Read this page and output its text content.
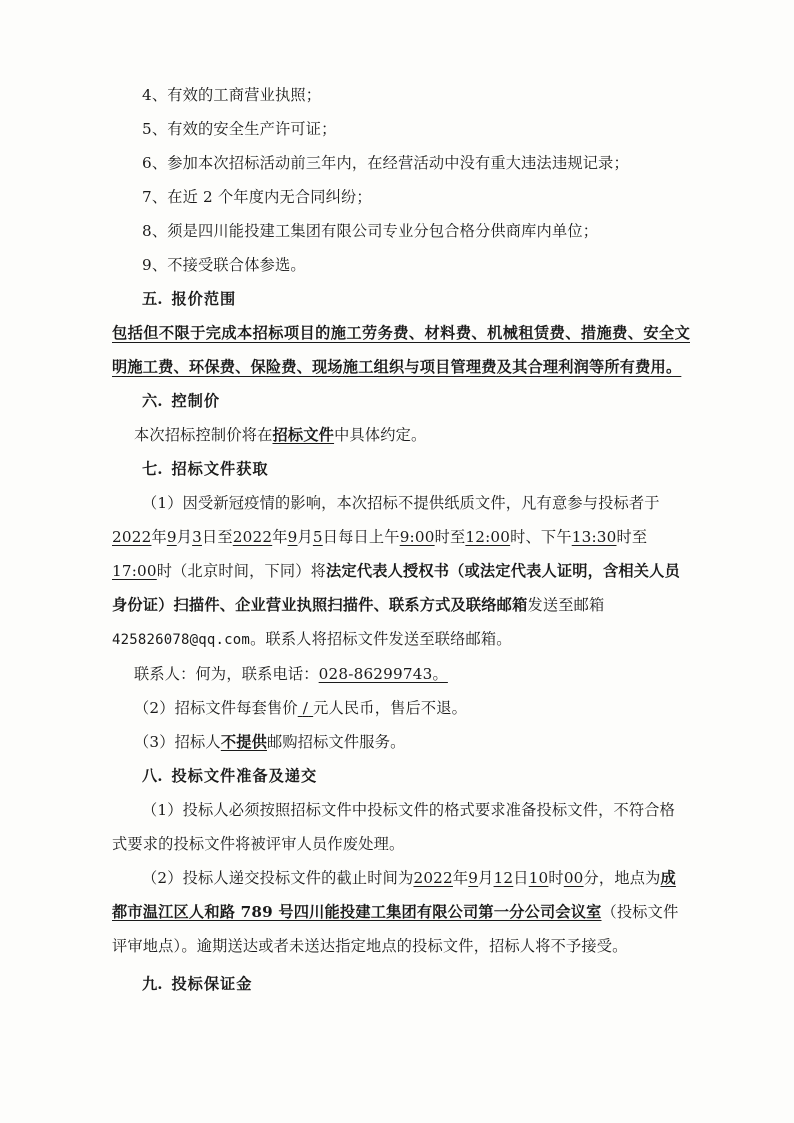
4、有效的工商营业执照；
5、有效的安全生产许可证；
6、参加本次招标活动前三年内，在经营活动中没有重大违法违规记录；
7、在近 2 个年度内无合同纠纷；
8、须是四川能投建工集团有限公司专业分包合格分供商库内单位；
9、不接受联合体参选。
五. 报价范围
包括但不限于完成本招标项目的施工劳务费、材料费、机械租赁费、措施费、安全文明施工费、环保费、保险费、现场施工组织与项目管理费及其合理利润等所有费用。
六. 控制价
本次招标控制价将在招标文件中具体约定。
七. 招标文件获取
（1）因受新冠疫情的影响，本次招标不提供纸质文件，凡有意参与投标者于2022年9月3日至2022年9月5日每日上午9:00时至12:00时、下午13:30时至17:00时（北京时间，下同）将法定代表人授权书（或法定代表人证明，含相关人员身份证）扫描件、企业营业执照扫描件、联系方式及联络邮箱发送至邮箱425826078@qq.com。联系人将招标文件发送至联络邮箱。
联系人：何为，联系电话：028-86299743。
（2）招标文件每套售价 / 元人民币，售后不退。
（3）招标人不提供邮购招标文件服务。
八. 投标文件准备及递交
（1）投标人必须按照招标文件中投标文件的格式要求准备投标文件，不符合格式要求的投标文件将被评审人员作废处理。
（2）投标人递交投标文件的截止时间为2022年9月12日10时00分，地点为成都市温江区人和路 789 号四川能投建工集团有限公司第一分公司会议室（投标文件评审地点）。逾期送达或者未送达指定地点的投标文件，招标人将不予接受。
九. 投标保证金
